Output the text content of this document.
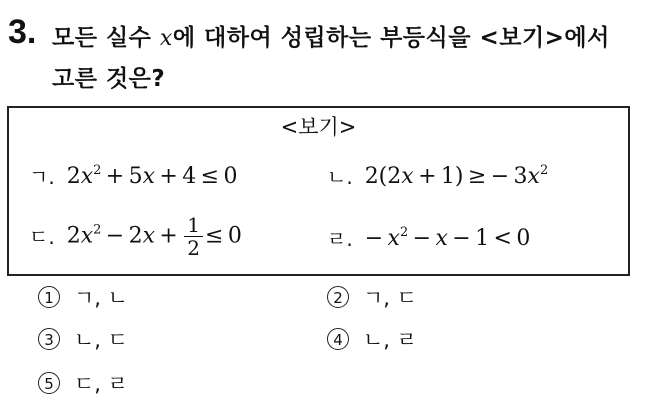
3. 모든 실수 x에 대하여 성립하는 부등식을 <보기>에서 고른 것은?
<보기>
ㄱ. $2x^2 + 5x + 4 \le 0$	ㄴ. 2(2x + 1) ≥ − $3x^2$
ㄷ. $2x^2 - 2x + \frac{1}{2} \le 0$	ㄹ. − $x^2 - x - 1 < 0$
1 ㄱ, ㄴ	2 ㄱ, ㄷ
3 ㄴ, ㄷ	4 ㄴ, ㄹ
5 ㄷ, ㄹ
